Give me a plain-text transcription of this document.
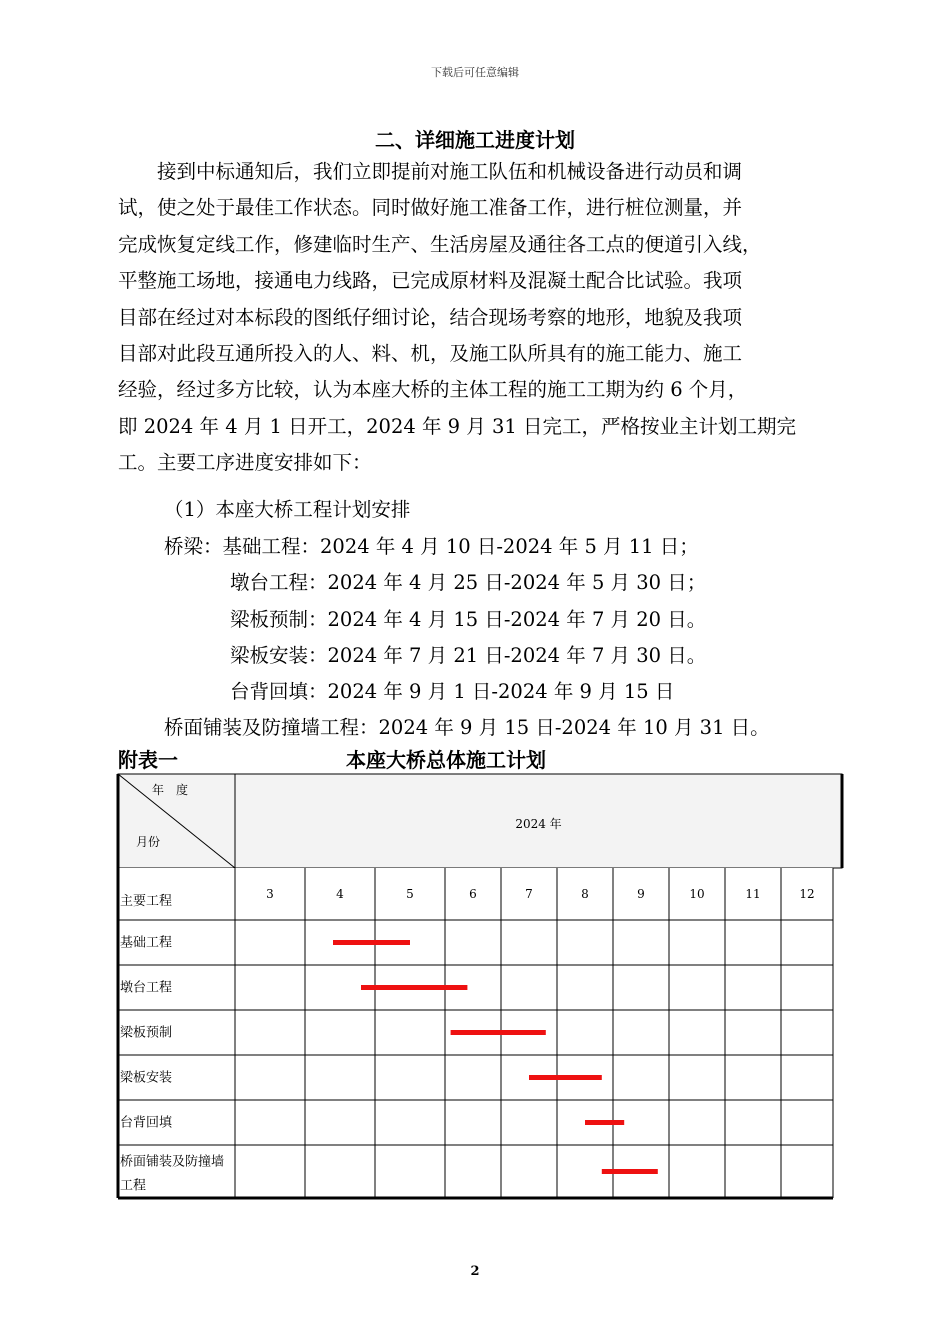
下载后可任意编辑
二、详细施工进度计划

接到中标通知后，我们立即提前对施工队伍和机械设备进行动员和调

试，使之处于最佳工作状态。同时做好施工准备工作，进行桩位测量，并

完成恢复定线工作，修建临时生产、生活房屋及通往各工点的便道引入线，

平整施工场地，接通电力线路，已完成原材料及混凝土配合比试验。我项

目部在经过对本标段的图纸仔细讨论，结合现场考察的地形，地貌及我项

目部对此段互通所投入的人、料、机，及施工队所具有的施工能力、施工

经验，经过多方比较，认为本座大桥的主体工程的施工工期为约 6 个月，

即 2024 年 4 月 1 日开工，2024 年 9 月 31 日完工，严格按业主计划工期完

工。主要工序进度安排如下：

（1）本座大桥工程计划安排
桥梁：基础工程：2024 年 4 月 10 日-2024 年 5 月 11 日；
墩台工程：2024 年 4 月 25 日-2024 年 5 月 30 日；
梁板预制：2024 年 4 月 15 日-2024 年 7 月 20 日。
梁板安装：2024 年 7 月 21 日-2024 年 7 月 30 日。
台背回填：2024 年 9 月 1 日-2024 年 9 月 15 日
桥面铺装及防撞墙工程：2024 年 9 月 15 日-2024 年 10 月 31 日。
附表一	本座大桥总体施工计划
年　度
月份
2024 年
主要工程	3	4	5	6	7	8	9	10	11	12
基础工程
墩台工程
梁板预制
梁板安装
台背回填
桥面铺装及防撞墙
工程
2
